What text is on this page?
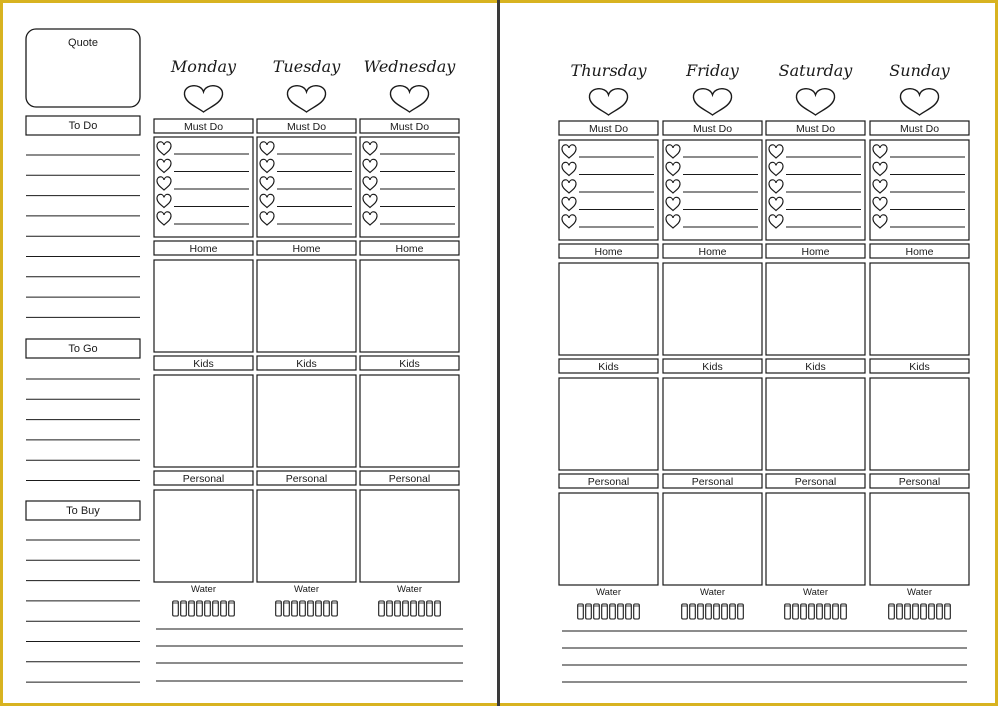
Quote
To Do
To Go
To Buy
Monday
Must Do
Home
Kids
Personal
Water
Tuesday
Must Do
Home
Kids
Personal
Water
Wednesday
Must Do
Home
Kids
Personal
Water
Thursday
Must Do
Home
Kids
Personal
Water
Friday
Must Do
Home
Kids
Personal
Water
Saturday
Must Do
Home
Kids
Personal
Water
Sunday
Must Do
Home
Kids
Personal
Water
